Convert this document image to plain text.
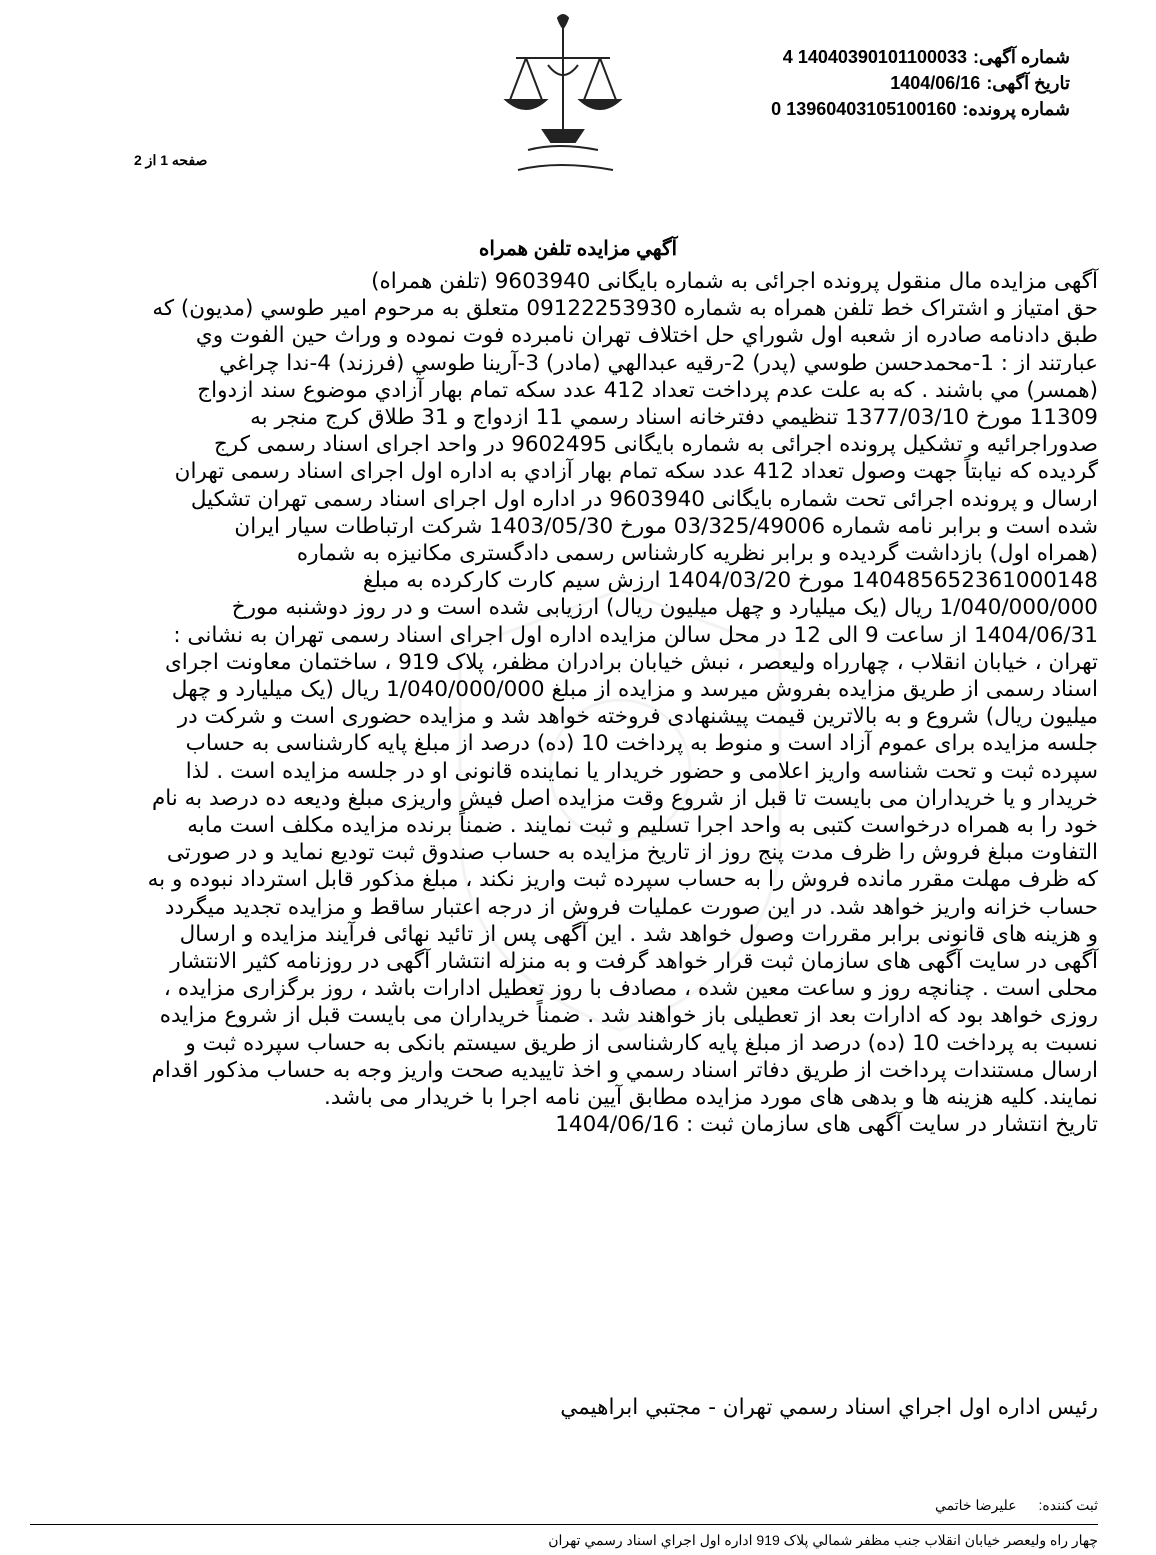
شماره آگهی:14040390101100033 4
تاریخ آگهی:1404/06/16
شماره پرونده:13960403105100160 0
صفحه 1 از 2
آگهي مزايده تلفن همراه
آگهی مزایده مال منقول پرونده اجرائی به شماره بایگانی 9603940 (تلفن همراه)
حق امتياز و اشتراک خط تلفن همراه به شماره 09122253930 متعلق به مرحوم امير طوسي (مديون) که
طبق دادنامه صادره از شعبه اول شوراي حل اختلاف تهران نامبرده فوت نموده و وراث حين الفوت وي
عبارتند از : 1-محمدحسن طوسي (پدر) 2-رقيه عبدالهي (مادر) 3-آرينا طوسي (فرزند) 4-ندا چراغي
(همسر) مي باشند . که به علت عدم پرداخت تعداد 412 عدد سکه تمام بهار آزادي موضوع سند ازدواج
11309 مورخ 1377/03/10 تنظيمي دفترخانه اسناد رسمي 11 ازدواج و 31 طلاق کرج منجر به
صدوراجرائيه و تشکيل پرونده اجرائی به شماره بایگانی 9602495 در واحد اجرای اسناد رسمی کرج
گرديده که نيابتاً جهت وصول تعداد 412 عدد سکه تمام بهار آزادي به اداره اول اجرای اسناد رسمی تهران
ارسال و پرونده اجرائی تحت شماره بایگانی 9603940 در اداره اول اجرای اسناد رسمی تهران تشکيل
شده است و برابر نامه شماره 03/325/49006 مورخ 1403/05/30 شرکت ارتباطات سيار ايران
(همراه اول) بازداشت گرديده و برابر نظريه کارشناس رسمی دادگستری مکانيزه به شماره
140485652361000148 مورخ 1404/03/20 ارزش سيم کارت کارکرده به مبلغ
1/040/000/000 ريال (يک ميليارد و چهل ميليون ريال) ارزيابی شده است و در روز دوشنبه مورخ
1404/06/31 از ساعت 9 الی 12 در محل سالن مزايده اداره اول اجرای اسناد رسمی تهران به نشانی :
تهران ، خيابان انقلاب ، چهارراه وليعصر ، نبش خيابان برادران مظفر، پلاک 919 ، ساختمان معاونت اجرای
اسناد رسمی از طريق مزايده بفروش ميرسد و مزايده از مبلغ 1/040/000/000 ريال (يک ميليارد و چهل
ميليون ريال) شروع و به بالاترين قيمت پيشنهادی فروخته خواهد شد و مزايده حضوری است و شرکت در
جلسه مزايده برای عموم آزاد است و منوط به پرداخت 10 (ده) درصد از مبلغ پايه کارشناسی به حساب
سپرده ثبت و تحت شناسه واريز اعلامی و حضور خريدار يا نماينده قانونی او در جلسه مزايده است . لذا
خريدار و يا خريداران می بايست تا قبل از شروع وقت مزايده اصل فيش واريزی مبلغ وديعه ده درصد به نام
خود را به همراه درخواست کتبی به واحد اجرا تسليم و ثبت نمايند . ضمناً برنده مزايده مکلف است مابه
التفاوت مبلغ فروش را ظرف مدت پنج روز از تاريخ مزايده به حساب صندوق ثبت توديع نمايد و در صورتی
که ظرف مهلت مقرر مانده فروش را به حساب سپرده ثبت واريز نکند ، مبلغ مذکور قابل استرداد نبوده و به
حساب خزانه واريز خواهد شد. در اين صورت عمليات فروش از درجه اعتبار ساقط و مزايده تجديد ميگردد
و هزينه های قانونی برابر مقررات وصول خواهد شد . اين آگهی پس از تائيد نهائی فرآيند مزايده و ارسال
آگهی در سايت آگهی های سازمان ثبت قرار خواهد گرفت و به منزله انتشار آگهی در روزنامه کثير الانتشار
محلی است . چنانچه روز و ساعت معين شده ، مصادف با روز تعطيل ادارات باشد ، روز برگزاری مزايده ،
روزی خواهد بود که ادارات بعد از تعطيلی باز خواهند شد . ضمناً خريداران می بايست قبل از شروع مزايده
نسبت به پرداخت 10 (ده) درصد از مبلغ پايه کارشناسی از طريق سيستم بانکی به حساب سپرده ثبت و
ارسال مستندات پرداخت از طريق دفاتر اسناد رسمي و اخذ تاييديه صحت واريز وجه به حساب مذکور اقدام
نمايند. کليه هزينه ها و بدهی های مورد مزايده مطابق آيين نامه اجرا با خريدار می باشد.
تاريخ انتشار در سايت آگهی های سازمان ثبت : 1404/06/16
رئيس اداره اول اجراي اسناد رسمي تهران - مجتبي ابراهيمي
ثبت کننده:عليرضا خاتمي
چهار راه وليعصر خيابان انقلاب جنب مظفر شمالي پلاک 919 اداره اول اجراي اسناد رسمي تهران
